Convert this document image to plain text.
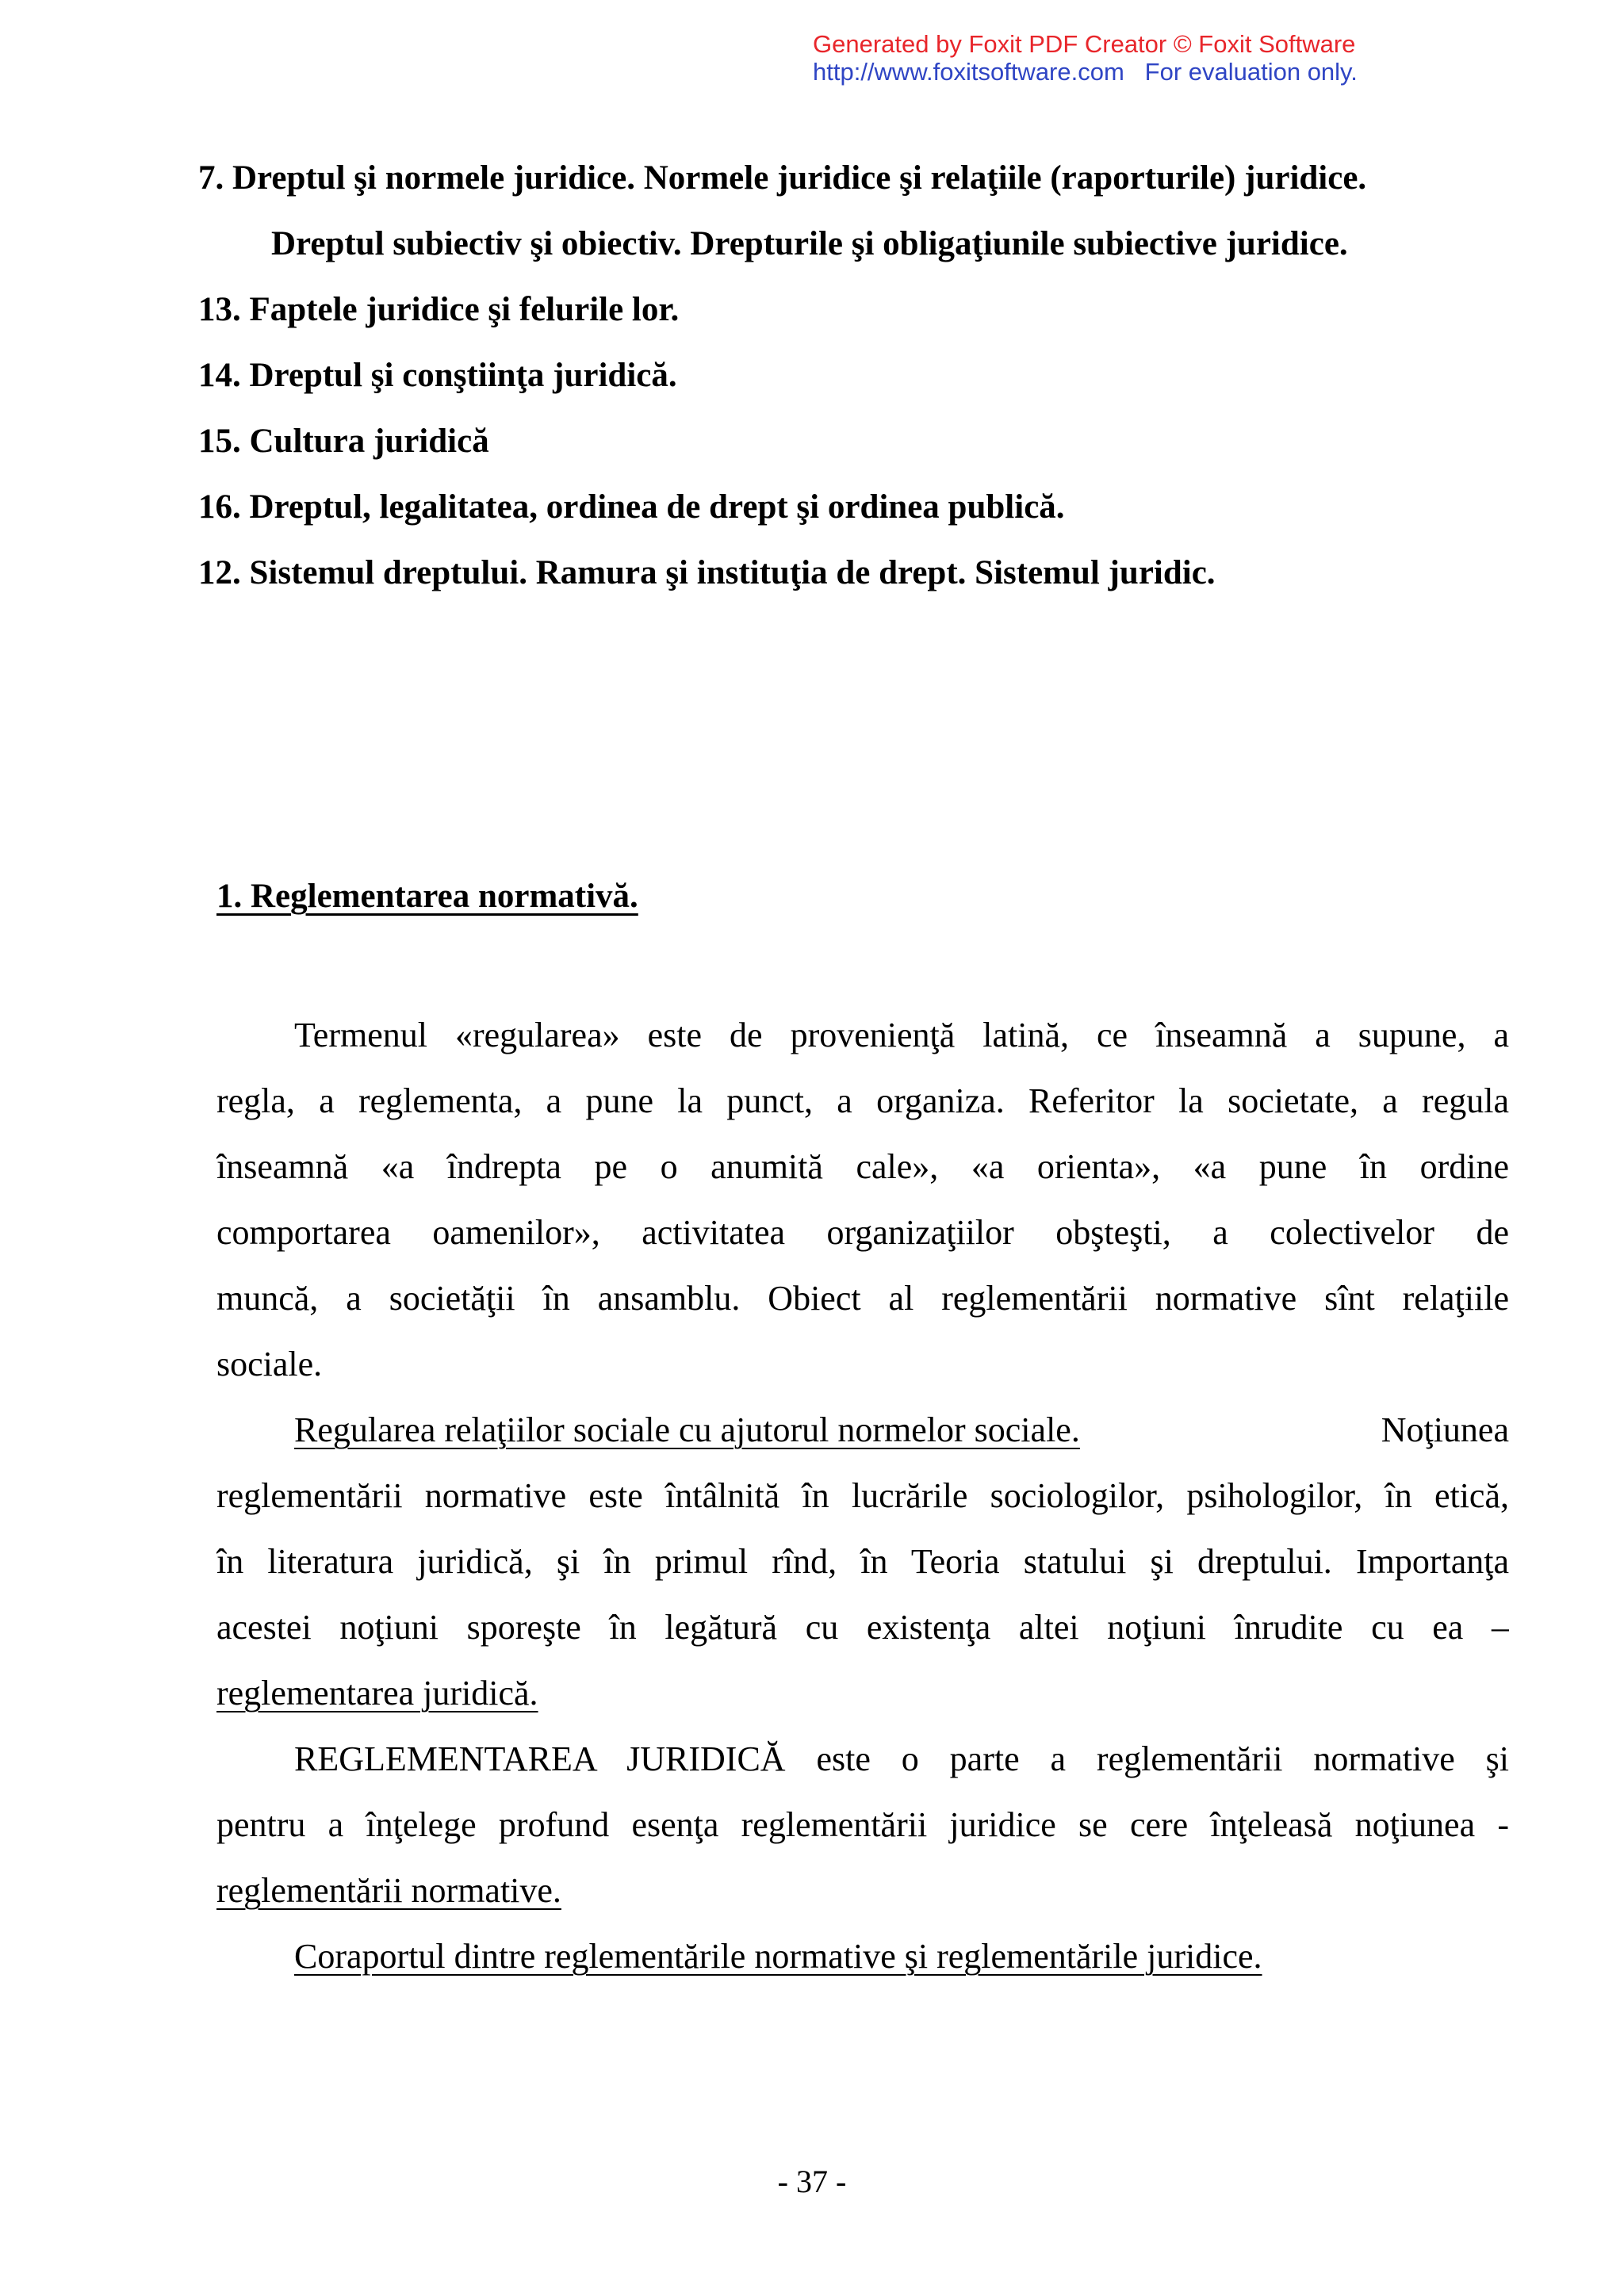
Generated by Foxit PDF Creator © Foxit Software
http://www.foxitsoftware.com   For evaluation only.
7. Dreptul şi normele juridice. Normele juridice şi relaţiile (raporturile) juridice.
Dreptul subiectiv şi obiectiv. Drepturile şi obligaţiunile subiective juridice.
13. Faptele juridice şi felurile lor.
14. Dreptul şi conştiinţa juridică.
15. Cultura juridică
16. Dreptul, legalitatea, ordinea de drept şi ordinea publică.
12. Sistemul dreptului. Ramura şi instituţia de drept. Sistemul juridic.
1. Reglementarea normativă.
Termenul «regularea» este de provenienţă latină, ce înseamnă a supune, a
regla, a reglementa, a pune la punct, a organiza. Referitor la societate, a regula
înseamnă «a îndrepta pe o anumită cale», «a orienta», «a pune în ordine
comportarea oamenilor», activitatea organizaţiilor obşteşti, a colectivelor de
muncă, a societăţii în ansamblu. Obiect al reglementării normative sînt relaţiile
sociale.
Regularea relaţiilor sociale cu ajutorul normelor sociale.	Noţiunea
reglementării normative este întâlnită în lucrările sociologilor, psihologilor, în etică,
în literatura juridică, şi în primul rînd, în Teoria statului şi dreptului. Importanţa
acestei noţiuni sporeşte în legătură cu existenţa altei noţiuni înrudite cu ea –
reglementarea juridică.
REGLEMENTAREA JURIDICĂ este o parte a reglementării normative şi
pentru a înţelege profund esenţa reglementării juridice se cere înţeleasă noţiunea -
reglementării normative.
Coraportul dintre reglementările normative şi reglementările juridice.
- 37 -
